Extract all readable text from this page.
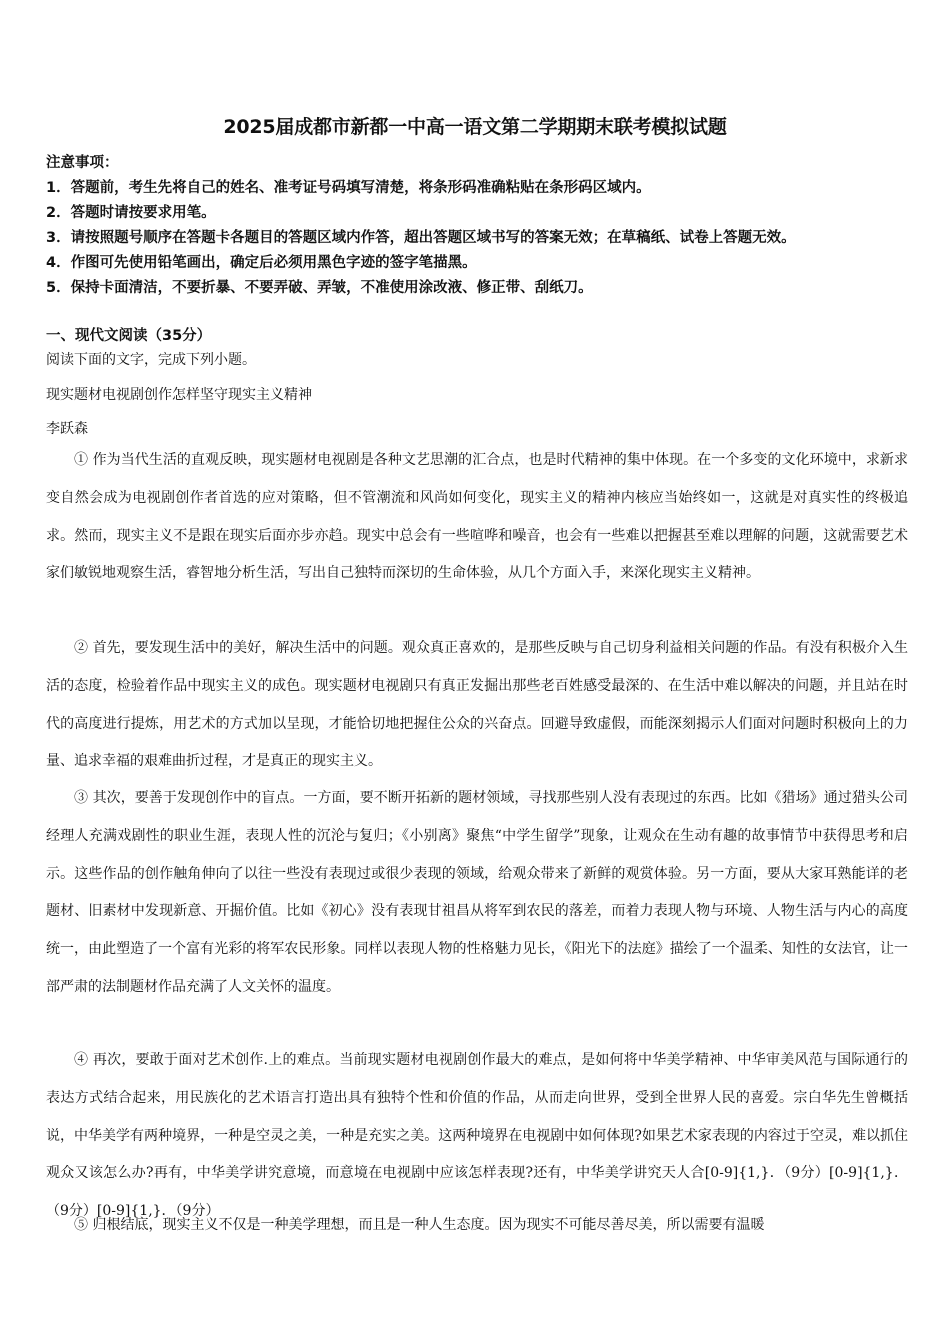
2025届成都市新都一中高一语文第二学期期末联考模拟试题
注意事项：
1．答题前，考生先将自己的姓名、准考证号码填写清楚，将条形码准确粘贴在条形码区域内。
2．答题时请按要求用笔。
3．请按照题号顺序在答题卡各题目的答题区域内作答，超出答题区域书写的答案无效；在草稿纸、试卷上答题无效。
4．作图可先使用铅笔画出，确定后必须用黑色字迹的签字笔描黑。
5．保持卡面清洁，不要折暴、不要弄破、弄皱，不准使用涂改液、修正带、刮纸刀。
一、现代文阅读（35分）
阅读下面的文字，完成下列小题。
现实题材电视剧创作怎样坚守现实主义精神
李跃森

① 作为当代生活的直观反映，现实题材电视剧是各种文艺思潮的汇合点，也是时代精神的集中体现。在一个多变的文化环境中，求新求变自然会成为电视剧创作者首选的应对策略，但不管潮流和风尚如何变化，现实主义的精神内核应当始终如一，这就是对真实性的终极追求。然而，现实主义不是跟在现实后面亦步亦趋。现实中总会有一些喧哗和噪音，也会有一些难以把握甚至难以理解的问题，这就需要艺术家们敏锐地观察生活，睿智地分析生活，写出自己独特而深切的生命体验，从几个方面入手，来深化现实主义精神。

② 首先，要发现生活中的美好，解决生活中的问题。观众真正喜欢的，是那些反映与自己切身利益相关问题的作品。有没有积极介入生活的态度，检验着作品中现实主义的成色。现实题材电视剧只有真正发掘出那些老百姓感受最深的、在生活中难以解决的问题，并且站在时代的高度进行提炼，用艺术的方式加以呈现，才能恰切地把握住公众的兴奋点。回避导致虚假，而能深刻揭示人们面对问题时积极向上的力量、追求幸福的艰难曲折过程，才是真正的现实主义。

③ 其次，要善于发现创作中的盲点。一方面，要不断开拓新的题材领域，寻找那些别人没有表现过的东西。比如《猎场》通过猎头公司经理人充满戏剧性的职业生涯，表现人性的沉沦与复归；《小别离》聚焦“中学生留学”现象，让观众在生动有趣的故事情节中获得思考和启示。这些作品的创作触角伸向了以往一些没有表现过或很少表现的领域，给观众带来了新鲜的观赏体验。另一方面，要从大家耳熟能详的老题材、旧素材中发现新意、开掘价值。比如《初心》没有表现甘祖昌从将军到农民的落差，而着力表现人物与环境、人物生活与内心的高度统一，由此塑造了一个富有光彩的将军农民形象。同样以表现人物的性格魅力见长，《阳光下的法庭》描绘了一个温柔、知性的女法官，让一部严肃的法制题材作品充满了人文关怀的温度。

④ 再次，要敢于面对艺术创作.上的难点。当前现实题材电视剧创作最大的难点，是如何将中华美学精神、中华审美风范与国际通行的表达方式结合起来，用民族化的艺术语言打造出具有独特个性和价值的作品，从而走向世界，受到全世界人民的喜爱。宗白华先生曾概括说，中华美学有两种境界，一种是空灵之美，一种是充实之美。这两种境界在电视剧中如何体现?如果艺术家表现的内容过于空灵，难以抓住观众又该怎么办?再有，中华美学讲究意境，而意境在电视剧中应该怎样表现?还有，中华美学讲究天人合[0-9]{1,}．（9分）[0-9]{1,}．（9分）[0-9]{1,}．（9分）

⑤ 归根结底，现实主义不仅是一种美学理想，而且是一种人生态度。因为现实不可能尽善尽美，所以需要有温暖
